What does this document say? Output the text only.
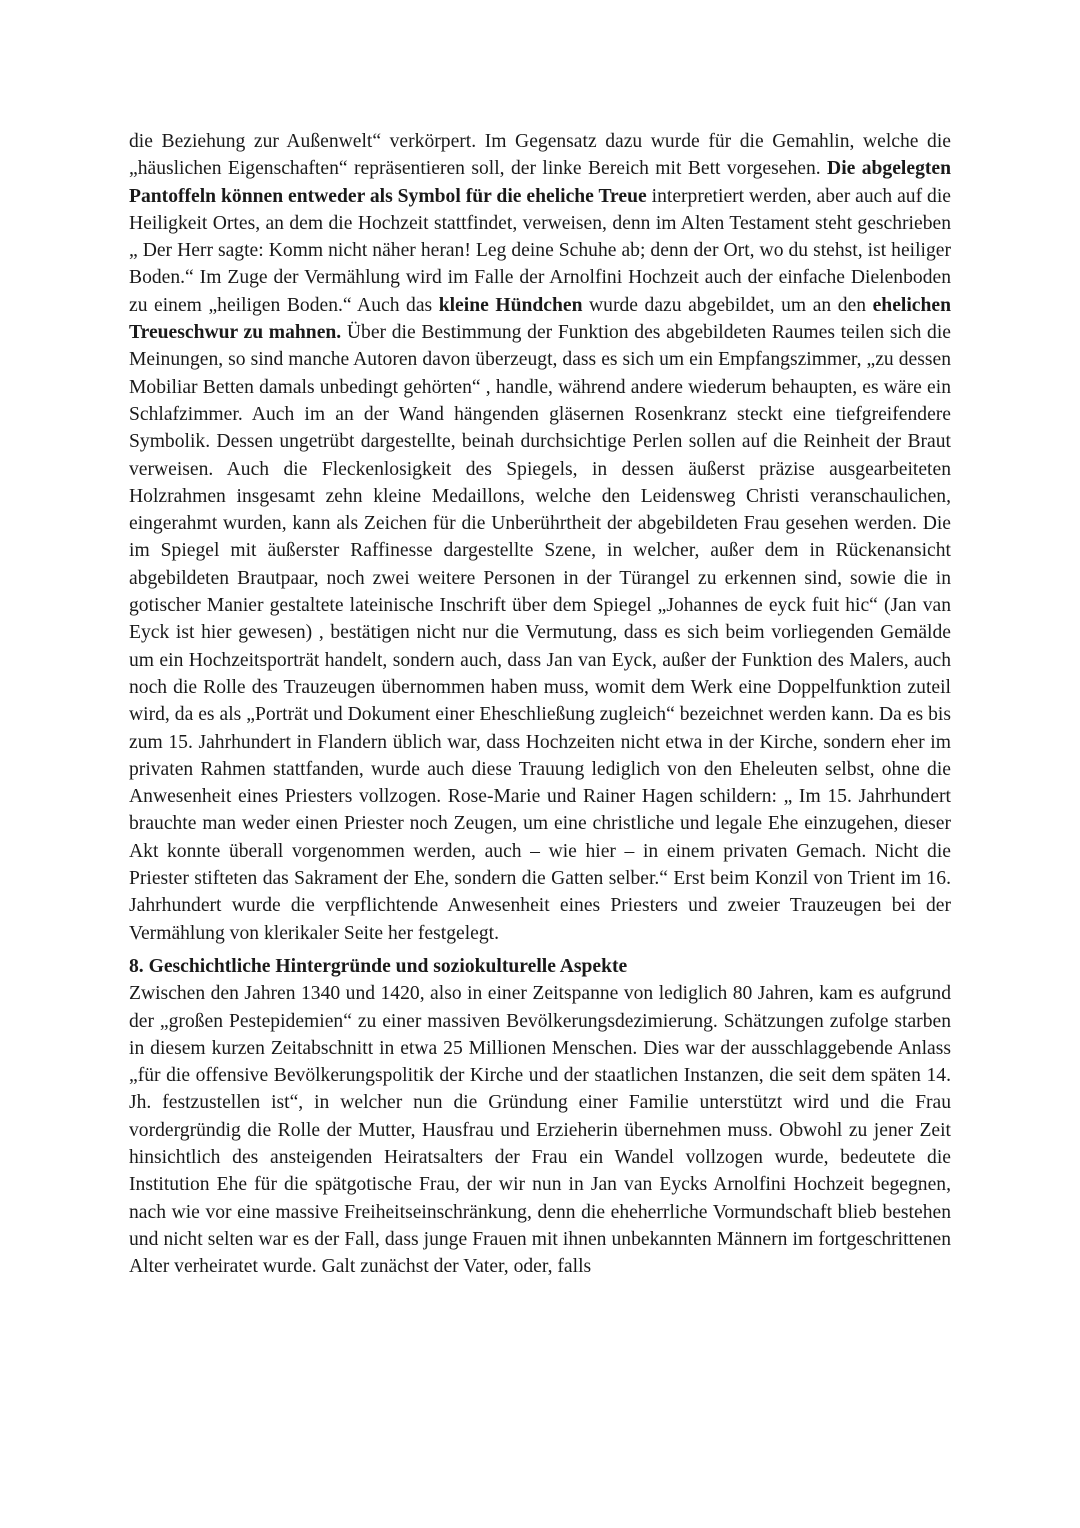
die Beziehung zur Außenwelt“ verkörpert. Im Gegensatz dazu wurde für die Gemahlin, welche die „häuslichen Eigenschaften“ repräsentieren soll, der linke Bereich mit Bett vorgesehen. Die abgelegten Pantoffeln können entweder als Symbol für die eheliche Treue interpretiert werden, aber auch auf die Heiligkeit Ortes, an dem die Hochzeit stattfindet, verweisen, denn im Alten Testament steht geschrieben „ Der Herr sagte: Komm nicht näher heran! Leg deine Schuhe ab; denn der Ort, wo du stehst, ist heiliger Boden.“ Im Zuge der Vermählung wird im Falle der Arnolfini Hochzeit auch der einfache Dielenboden zu einem „heiligen Boden.“ Auch das kleine Hündchen wurde dazu abgebildet, um an den ehelichen Treueschwur zu mahnen. Über die Bestimmung der Funktion des abgebildeten Raumes teilen sich die Meinungen, so sind manche Autoren davon überzeugt, dass es sich um ein Empfangszimmer, „zu dessen Mobiliar Betten damals unbedingt gehörten“ , handle, während andere wiederum behaupten, es wäre ein Schlafzimmer. Auch im an der Wand hängenden gläsernen Rosenkranz steckt eine tiefgreifendere Symbolik. Dessen ungetrübt dargestellte, beinah durchsichtige Perlen sollen auf die Reinheit der Braut verweisen. Auch die Fleckenlosigkeit des Spiegels, in dessen äußerst präzise ausgearbeiteten Holzrahmen insgesamt zehn kleine Medaillons, welche den Leidensweg Christi veranschaulichen, eingerahmt wurden, kann als Zeichen für die Unberührtheit der abgebildeten Frau gesehen werden. Die im Spiegel mit äußerster Raffinesse dargestellte Szene, in welcher, außer dem in Rückenansicht abgebildeten Brautpaar, noch zwei weitere Personen in der Türangel zu erkennen sind, sowie die in gotischer Manier gestaltete lateinische Inschrift über dem Spiegel „Johannes de eyck fuit hic“ (Jan van Eyck ist hier gewesen) , bestätigen nicht nur die Vermutung, dass es sich beim vorliegenden Gemälde um ein Hochzeitsporträt handelt, sondern auch, dass Jan van Eyck, außer der Funktion des Malers, auch noch die Rolle des Trauzeugen übernommen haben muss, womit dem Werk eine Doppelfunktion zuteil wird, da es als „Porträt und Dokument einer Eheschließung zugleich“ bezeichnet werden kann. Da es bis zum 15. Jahrhundert in Flandern üblich war, dass Hochzeiten nicht etwa in der Kirche, sondern eher im privaten Rahmen stattfanden, wurde auch diese Trauung lediglich von den Eheleuten selbst, ohne die Anwesenheit eines Priesters vollzogen. Rose-Marie und Rainer Hagen schildern: „ Im 15. Jahrhundert brauchte man weder einen Priester noch Zeugen, um eine christliche und legale Ehe einzugehen, dieser Akt konnte überall vorgenommen werden, auch – wie hier – in einem privaten Gemach. Nicht die Priester stifteten das Sakrament der Ehe, sondern die Gatten selber.“ Erst beim Konzil von Trient im 16. Jahrhundert wurde die verpflichtende Anwesenheit eines Priesters und zweier Trauzeugen bei der Vermählung von klerikaler Seite her festgelegt.

8. Geschichtliche Hintergründe und soziokulturelle Aspekte

Zwischen den Jahren 1340 und 1420, also in einer Zeitspanne von lediglich 80 Jahren, kam es aufgrund der „großen Pestepidemien“ zu einer massiven Bevölkerungsdezimierung. Schätzungen zufolge starben in diesem kurzen Zeitabschnitt in etwa 25 Millionen Menschen. Dies war der ausschlaggebende Anlass „für die offensive Bevölkerungspolitik der Kirche und der staatlichen Instanzen, die seit dem späten 14. Jh. festzustellen ist“, in welcher nun die Gründung einer Familie unterstützt wird und die Frau vordergründig die Rolle der Mutter, Hausfrau und Erzieherin übernehmen muss. Obwohl zu jener Zeit hinsichtlich des ansteigenden Heiratsalters der Frau ein Wandel vollzogen wurde, bedeutete die Institution Ehe für die spätgotische Frau, der wir nun in Jan van Eycks Arnolfini Hochzeit begegnen, nach wie vor eine massive Freiheitseinschränkung, denn die eheherrliche Vormundschaft blieb bestehen und nicht selten war es der Fall, dass junge Frauen mit ihnen unbekannten Männern im fortgeschrittenen Alter verheiratet wurde. Galt zunächst der Vater, oder, falls
